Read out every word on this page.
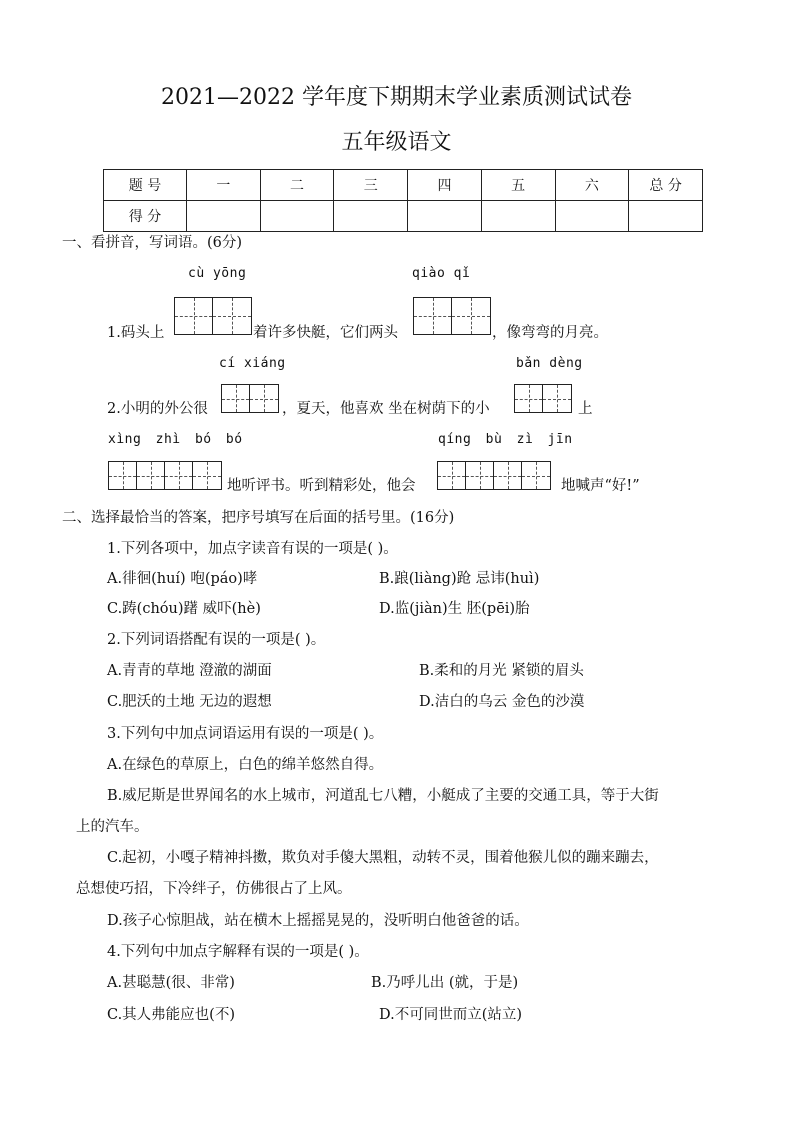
2021—2022 学年度下期期末学业素质测试试卷
五年级语文
题 号	一	二	三	四	五	六	总 分
得 分							
一、看拼音，写词语。(6分)
cù yōng	qiào qǐ
1.码头上	着许多快艇，它们两头	，像弯弯的月亮。
cí xiáng	bǎn dèng
2.小明的外公很	，夏天，他喜欢 坐在树荫下的小	上
xìng zhì bó bó	qíng bù zì jīn
地听评书。听到精彩处，他会	地喊声“好!”
二、选择最恰当的答案，把序号填写在后面的括号里。(16分)
1.下列各项中，加点字读音有误的一项是( )。
A.徘徊(huí) 咆(páo)哮	B.踉(liàng)跄 忌讳(huì)
C.踌(chóu)躇 威吓(hè)	D.监(jiàn)生 胚(pēi)胎
2.下列词语搭配有误的一项是( )。
A.青青的草地 澄澈的湖面	B.柔和的月光 紧锁的眉头
C.肥沃的土地 无边的遐想	D.洁白的乌云 金色的沙漠
3.下列句中加点词语运用有误的一项是( )。
A.在绿色的草原上，白色的绵羊悠然自得。
B.威尼斯是世界闻名的水上城市，河道乱七八糟，小艇成了主要的交通工具，等于大街
上的汽车。
C.起初，小嘎子精神抖擞，欺负对手傻大黑粗，动转不灵，围着他猴儿似的蹦来蹦去，
总想使巧招，下冷绊子，仿佛很占了上风。
D.孩子心惊胆战，站在横木上摇摇晃晃的，没听明白他爸爸的话。
4.下列句中加点字解释有误的一项是( )。
A.甚聪慧(很、非常)	B.乃呼儿出 (就，于是)
C.其人弗能应也(不)	D.不可同世而立(站立)
